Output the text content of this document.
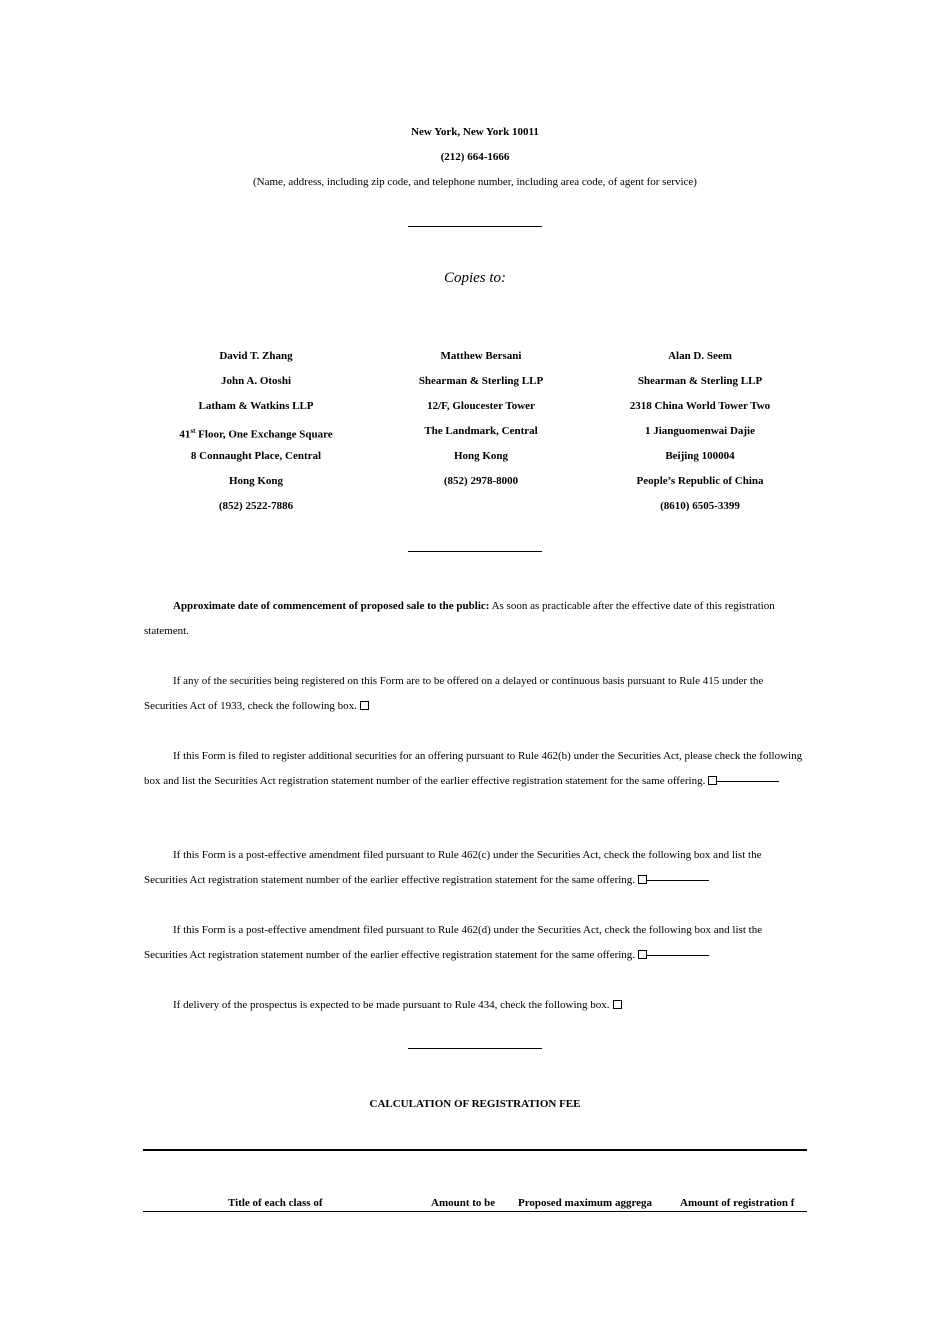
New York, New York 10011
(212) 664-1666
(Name, address, including zip code, and telephone number, including area code, of agent for service)
Copies to:
David T. Zhang
John A. Otoshi
Latham & Watkins LLP
41st Floor, One Exchange Square
8 Connaught Place, Central
Hong Kong
(852) 2522-7886
Matthew Bersani
Shearman & Sterling LLP
12/F, Gloucester Tower
The Landmark, Central
Hong Kong
(852) 2978-8000
Alan D. Seem
Shearman & Sterling LLP
2318 China World Tower Two
1 Jianguomenwai Dajie
Beijing 100004
People’s Republic of China
(8610) 6505-3399

Approximate date of commencement of proposed sale to the public: As soon as practicable after the effective date of this registration statement.

If any of the securities being registered on this Form are to be offered on a delayed or continuous basis pursuant to Rule 415 under the Securities Act of 1933, check the following box.

If this Form is filed to register additional securities for an offering pursuant to Rule 462(b) under the Securities Act, please check the following box and list the Securities Act registration statement number of the earlier effective registration statement for the same offering.

If this Form is a post-effective amendment filed pursuant to Rule 462(c) under the Securities Act, check the following box and list the Securities Act registration statement number of the earlier effective registration statement for the same offering.

If this Form is a post-effective amendment filed pursuant to Rule 462(d) under the Securities Act, check the following box and list the Securities Act registration statement number of the earlier effective registration statement for the same offering.

If delivery of the prospectus is expected to be made pursuant to Rule 434, check the following box.

CALCULATION OF REGISTRATION FEE
Title of each class of	Amount to be	Proposed maximum aggrega	Amount of registration f
